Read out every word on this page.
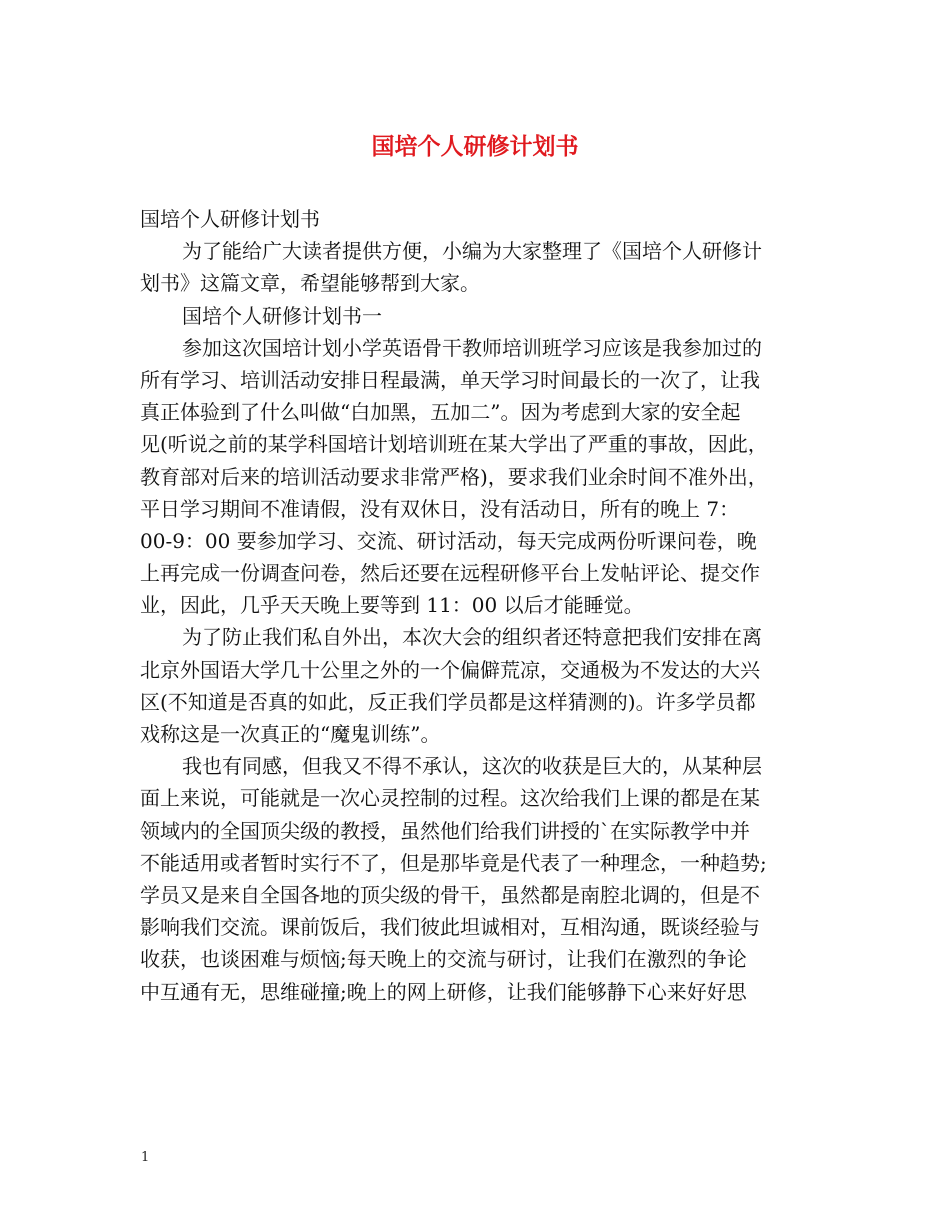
国培个人研修计划书
国培个人研修计划书
为了能给广大读者提供方便，小编为大家整理了《国培个人研修计
划书》这篇文章，希望能够帮到大家。
国培个人研修计划书一
参加这次国培计划小学英语骨干教师培训班学习应该是我参加过的
所有学习、培训活动安排日程最满，单天学习时间最长的一次了，让我
真正体验到了什么叫做“白加黑，五加二”。因为考虑到大家的安全起
见(听说之前的某学科国培计划培训班在某大学出了严重的事故，因此，
教育部对后来的培训活动要求非常严格)，要求我们业余时间不准外出，
平日学习期间不准请假，没有双休日，没有活动日，所有的晚上 7：
00-9：00 要参加学习、交流、研讨活动，每天完成两份听课问卷，晚
上再完成一份调查问卷，然后还要在远程研修平台上发帖评论、提交作
业，因此，几乎天天晚上要等到 11：00 以后才能睡觉。
为了防止我们私自外出，本次大会的组织者还特意把我们安排在离
北京外国语大学几十公里之外的一个偏僻荒凉，交通极为不发达的大兴
区(不知道是否真的如此，反正我们学员都是这样猜测的)。许多学员都
戏称这是一次真正的“魔鬼训练”。
我也有同感，但我又不得不承认，这次的收获是巨大的，从某种层
面上来说，可能就是一次心灵控制的过程。这次给我们上课的都是在某
领域内的全国顶尖级的教授，虽然他们给我们讲授的`在实际教学中并
不能适用或者暂时实行不了，但是那毕竟是代表了一种理念，一种趋势;
学员又是来自全国各地的顶尖级的骨干，虽然都是南腔北调的，但是不
影响我们交流。课前饭后，我们彼此坦诚相对，互相沟通，既谈经验与
收获，也谈困难与烦恼;每天晚上的交流与研讨，让我们在激烈的争论
中互通有无，思维碰撞;晚上的网上研修，让我们能够静下心来好好思
1
